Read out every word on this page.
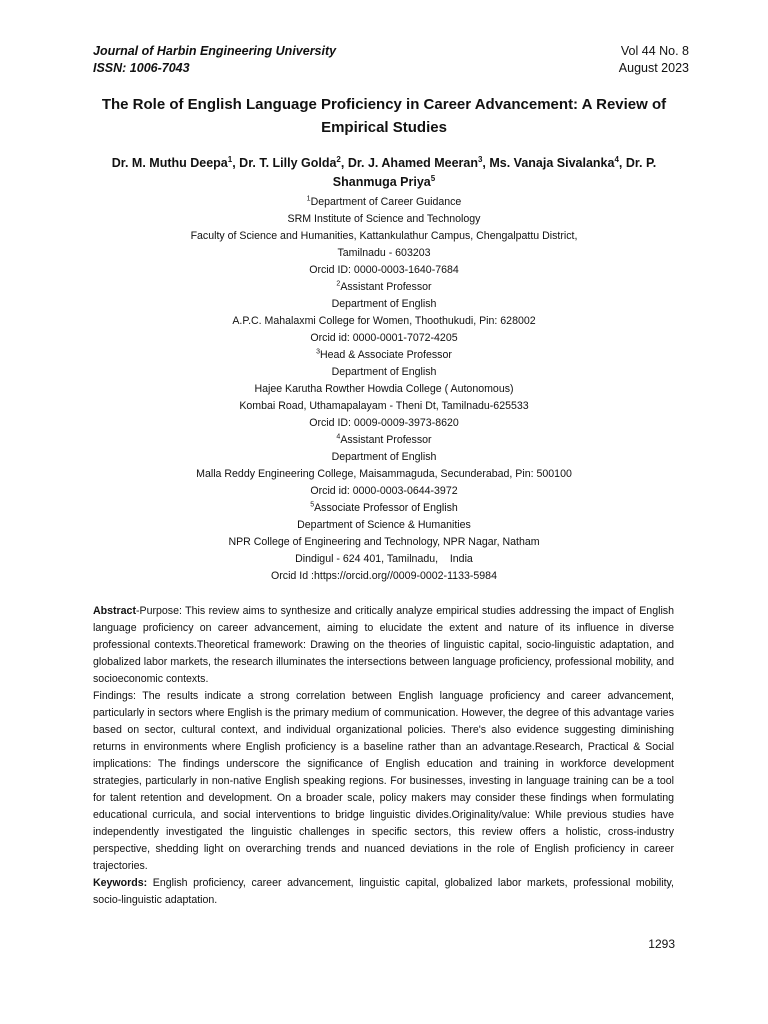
Journal of Harbin Engineering University
ISSN: 1006-7043
Vol 44 No. 8
August 2023
The Role of English Language Proficiency in Career Advancement: A Review of Empirical Studies
Dr. M. Muthu Deepa$^1$, Dr. T. Lilly Golda$^2$, Dr. J. Ahamed Meeran$^3$, Ms. Vanaja Sivalanka$^4$, Dr. P. Shanmuga Priya$^5$
$^1$Department of Career Guidance
SRM Institute of Science and Technology
Faculty of Science and Humanities, Kattankulathur Campus, Chengalpattu District,
Tamilnadu - 603203
Orcid ID: 0000-0003-1640-7684
$^2$Assistant Professor
Department of English
A.P.C. Mahalaxmi College for Women, Thoothukudi, Pin: 628002
Orcid id: 0000-0001-7072-4205
$^3$Head & Associate Professor
Department of English
Hajee Karutha Rowther Howdia College ( Autonomous)
Kombai Road, Uthamapalayam - Theni Dt, Tamilnadu-625533
Orcid ID: 0009-0009-3973-8620
$^4$Assistant Professor
Department of English
Malla Reddy Engineering College, Maisammaguda, Secunderabad, Pin: 500100
Orcid id: 0000-0003-0644-3972
$^5$Associate Professor of English
Department of Science & Humanities
NPR College of Engineering and Technology, NPR Nagar, Natham
Dindigul - 624 401, Tamilnadu,    India
Orcid Id :https://orcid.org//0009-0002-1133-5984

Abstract-Purpose: This review aims to synthesize and critically analyze empirical studies addressing the impact of English language proficiency on career advancement, aiming to elucidate the extent and nature of its influence in diverse professional contexts.Theoretical framework: Drawing on the theories of linguistic capital, socio-linguistic adaptation, and globalized labor markets, the research illuminates the intersections between language proficiency, professional mobility, and socioeconomic contexts.

Findings: The results indicate a strong correlation between English language proficiency and career advancement, particularly in sectors where English is the primary medium of communication. However, the degree of this advantage varies based on sector, cultural context, and individual organizational policies. There's also evidence suggesting diminishing returns in environments where English proficiency is a baseline rather than an advantage.Research, Practical & Social implications: The findings underscore the significance of English education and training in workforce development strategies, particularly in non-native English speaking regions. For businesses, investing in language training can be a tool for talent retention and development. On a broader scale, policy makers may consider these findings when formulating educational curricula, and social interventions to bridge linguistic divides.Originality/value: While previous studies have independently investigated the linguistic challenges in specific sectors, this review offers a holistic, cross-industry perspective, shedding light on overarching trends and nuanced deviations in the role of English proficiency in career trajectories.

Keywords: English proficiency, career advancement, linguistic capital, globalized labor markets, professional mobility, socio-linguistic adaptation.

1293
